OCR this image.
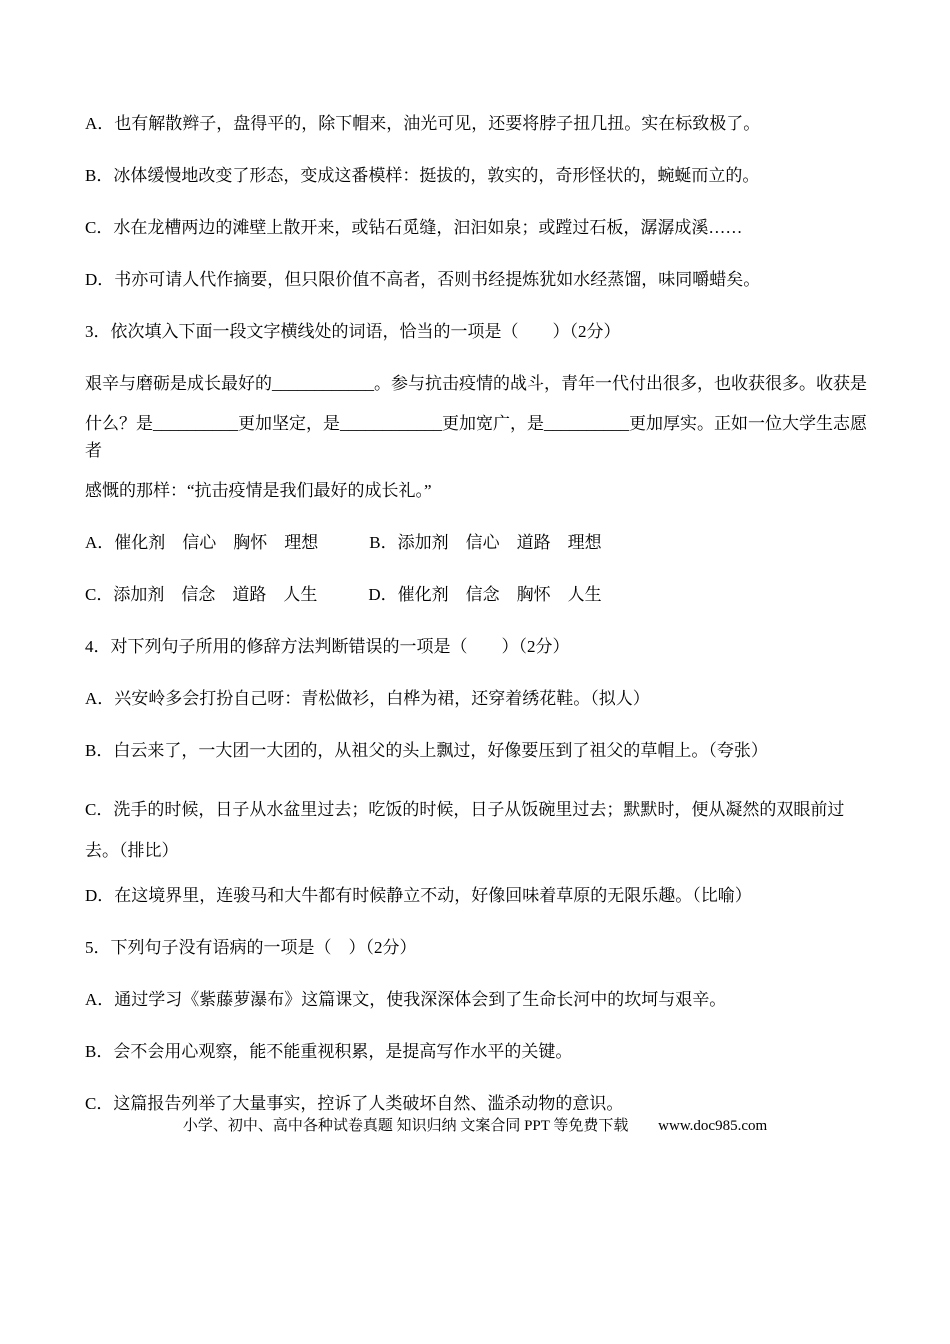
A．也有解散辫子，盘得平的，除下帽来，油光可见，还要将脖子扭几扭。实在标致极了。

B．冰体缓慢地改变了形态，变成这番模样：挺拔的，敦实的，奇形怪状的，蜿蜒而立的。

C．水在龙槽两边的滩壁上散开来，或钻石觅缝，汩汩如泉；或蹚过石板，潺潺成溪……

D．书亦可请人代作摘要，但只限价值不高者，否则书经提炼犹如水经蒸馏，味同嚼蜡矣。

3．依次填入下面一段文字横线处的词语，恰当的一项是（　　）（2分）

艰辛与磨砺是成长最好的____________。参与抗击疫情的战斗，青年一代付出很多，也收获很多。收获是

什么？是__________更加坚定，是____________更加宽广，是__________更加厚实。正如一位大学生志愿者

感慨的那样：“抗击疫情是我们最好的成长礼。”

A．催化剂　信心　胸怀　理想　　　B．添加剂　信心　道路　理想

C．添加剂　信念　道路　人生　　　D．催化剂　信念　胸怀　人生

4．对下列句子所用的修辞方法判断错误的一项是（　　）（2分）

A．兴安岭多会打扮自己呀：青松做衫，白桦为裙，还穿着绣花鞋。（拟人）

B．白云来了，一大团一大团的，从祖父的头上飘过，好像要压到了祖父的草帽上。（夸张）

C．洗手的时候，日子从水盆里过去；吃饭的时候，日子从饭碗里过去；默默时，便从凝然的双眼前过去。（排比）

D．在这境界里，连骏马和大牛都有时候静立不动，好像回味着草原的无限乐趣。（比喻）

5．下列句子没有语病的一项是（　）（2分）

A．通过学习《紫藤萝瀑布》这篇课文，使我深深体会到了生命长河中的坎坷与艰辛。

B．会不会用心观察，能不能重视积累，是提高写作水平的关键。

C．这篇报告列举了大量事实，控诉了人类破坏自然、滥杀动物的意识。

小学、初中、高中各种试卷真题 知识归纳 文案合同 PPT 等免费下载 www.doc985.com
